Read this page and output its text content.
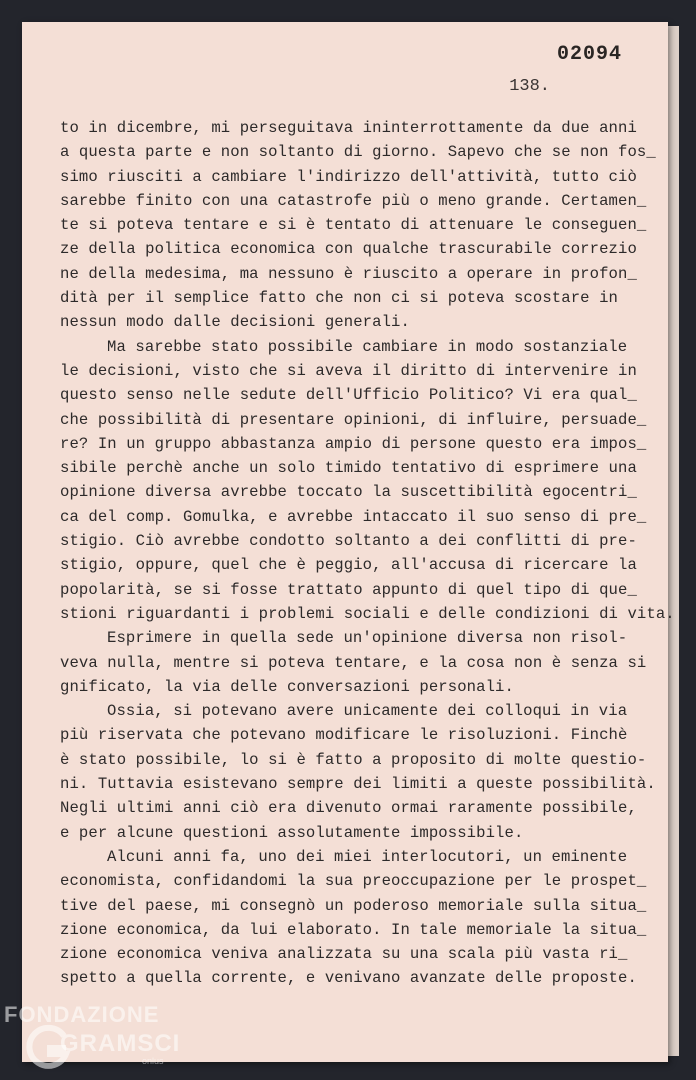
02094
138.
to in dicembre, mi perseguitava ininterrottamente da due anni
a questa parte e non soltanto di giorno. Sapevo che se non fos_
simo riusciti a cambiare l'indirizzo dell'attività, tutto ciò
sarebbe finito con una catastrofe più o meno grande. Certamen_
te si poteva tentare e si è tentato di attenuare le conseguen_
ze della politica economica con qualche trascurabile correzio
ne della medesima, ma nessuno è riuscito a operare in profon_
dità per il semplice fatto che non ci si poteva scostare in
nessun modo dalle decisioni generali.
Ma sarebbe stato possibile cambiare in modo sostanziale
le decisioni, visto che si aveva il diritto di intervenire in
questo senso nelle sedute dell'Ufficio Politico? Vi era qual_
che possibilità di presentare opinioni, di influire, persuade_
re? In un gruppo abbastanza ampio di persone questo era impos_
sibile perchè anche un solo timido tentativo di esprimere una
opinione diversa avrebbe toccato la suscettibilità egocentri_
ca del comp. Gomulka, e avrebbe intaccato il suo senso di pre_
stigio. Ciò avrebbe condotto soltanto a dei conflitti di pre-
stigio, oppure, quel che è peggio, all'accusa di ricercare la
popolarità, se si fosse trattato appunto di quel tipo di que_
stioni riguardanti i problemi sociali e delle condizioni di vita.
Esprimere in quella sede un'opinione diversa non risol-
veva nulla, mentre si poteva tentare, e la cosa non è senza si
gnificato, la via delle conversazioni personali.
Ossia, si potevano avere unicamente dei colloqui in via
più riservata che potevano modificare le risoluzioni. Finchè
è stato possibile, lo si è fatto a proposito di molte questio-
ni. Tuttavia esistevano sempre dei limiti a queste possibilità.
Negli ultimi anni ciò era divenuto ormai raramente possibile,
e per alcune questioni assolutamente impossibile.
Alcuni anni fa, uno dei miei interlocutori, un eminente
economista, confidandomi la sua preoccupazione per le prospet_
tive del paese, mi consegnò un poderoso memoriale sulla situa_
zione economica, da lui elaborato. In tale memoriale la situa_
zione economica veniva analizzata su una scala più vasta ri_
spetto a quella corrente, e venivano avanzate delle proposte.
FONDAZIONE
GRAMSCI
onlus
